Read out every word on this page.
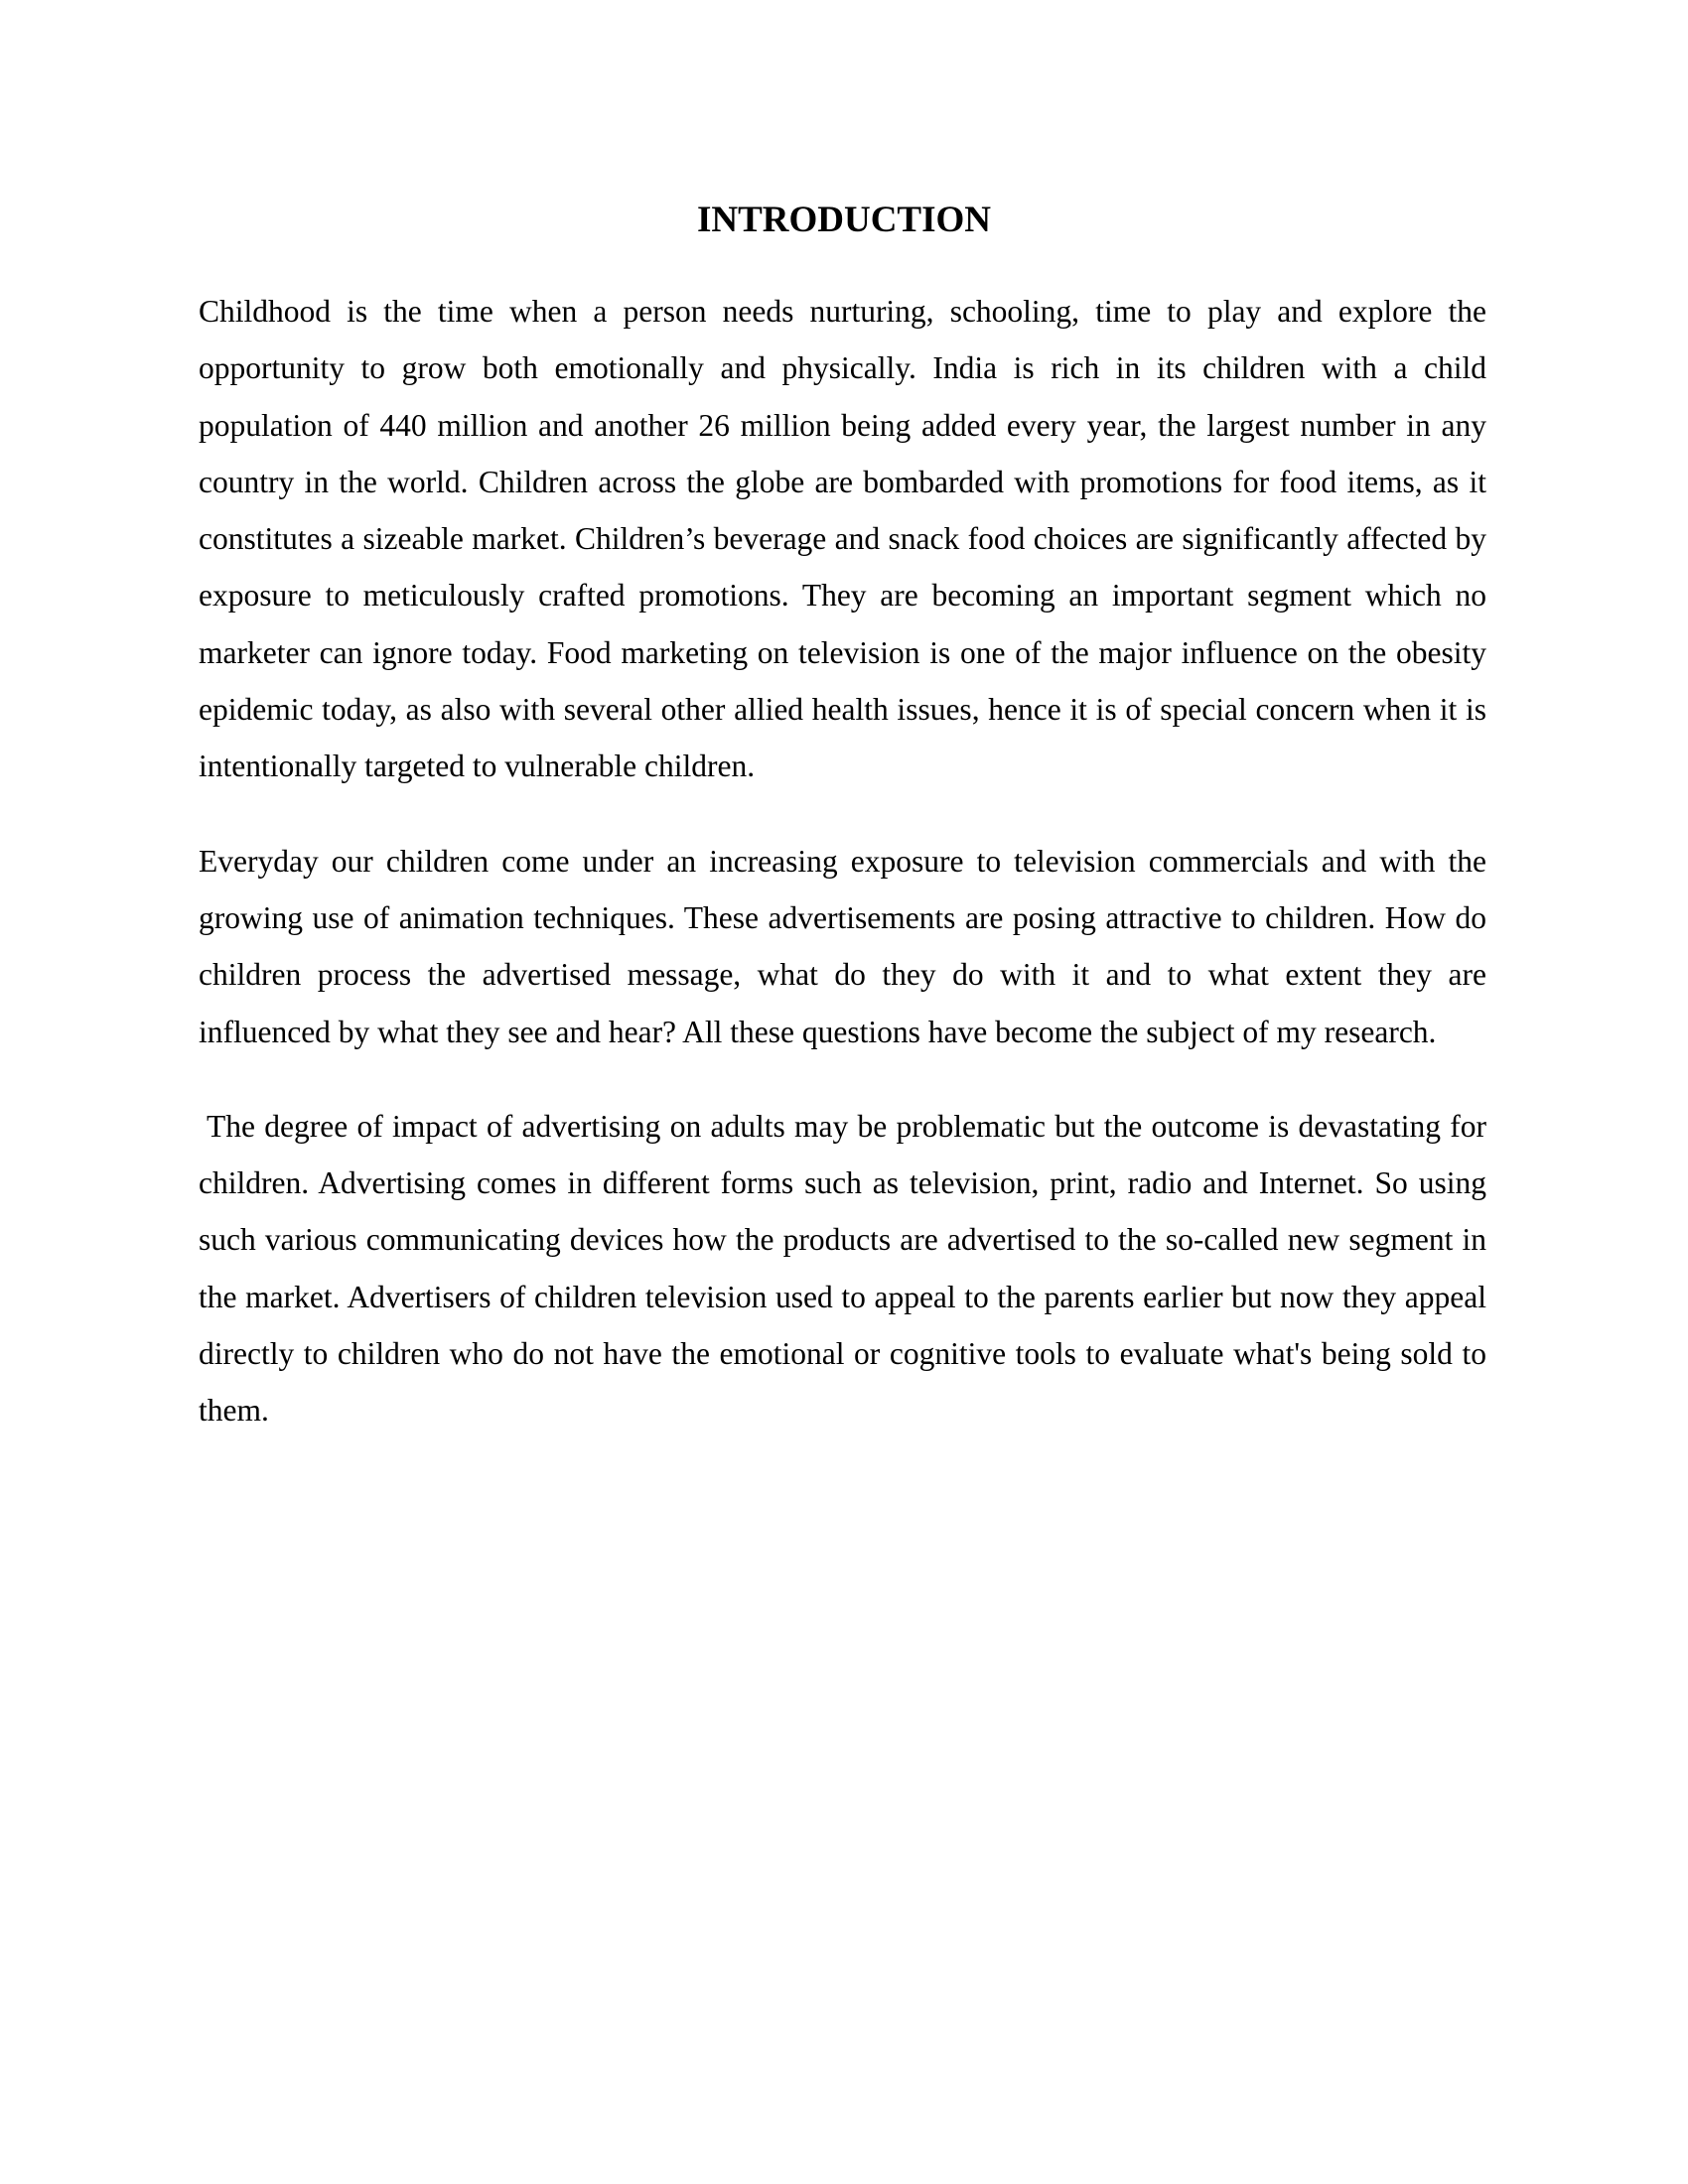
INTRODUCTION

Childhood is the time when a person needs nurturing, schooling, time to play and explore the opportunity to grow both emotionally and physically. India is rich in its children with a child population of 440 million and another 26 million being added every year, the largest number in any country in the world. Children across the globe are bombarded with promotions for food items, as it constitutes a sizeable market. Children’s beverage and snack food choices are significantly affected by exposure to meticulously crafted promotions. They are becoming an important segment which no marketer can ignore today. Food marketing on television is one of the major influence on the obesity epidemic today, as also with several other allied health issues, hence it is of special concern when it is intentionally targeted to vulnerable children.

Everyday our children come under an increasing exposure to television commercials and with the growing use of animation techniques. These advertisements are posing attractive to children. How do children process the advertised message, what do they do with it and to what extent they are influenced by what they see and hear? All these questions have become the subject of my research.

The degree of impact of advertising on adults may be problematic but the outcome is devastating for children. Advertising comes in different forms such as television, print, radio and Internet. So using such various communicating devices how the products are advertised to the so-called new segment in the market. Advertisers of children television used to appeal to the parents earlier but now they appeal directly to children who do not have the emotional or cognitive tools to evaluate what's being sold to them.
